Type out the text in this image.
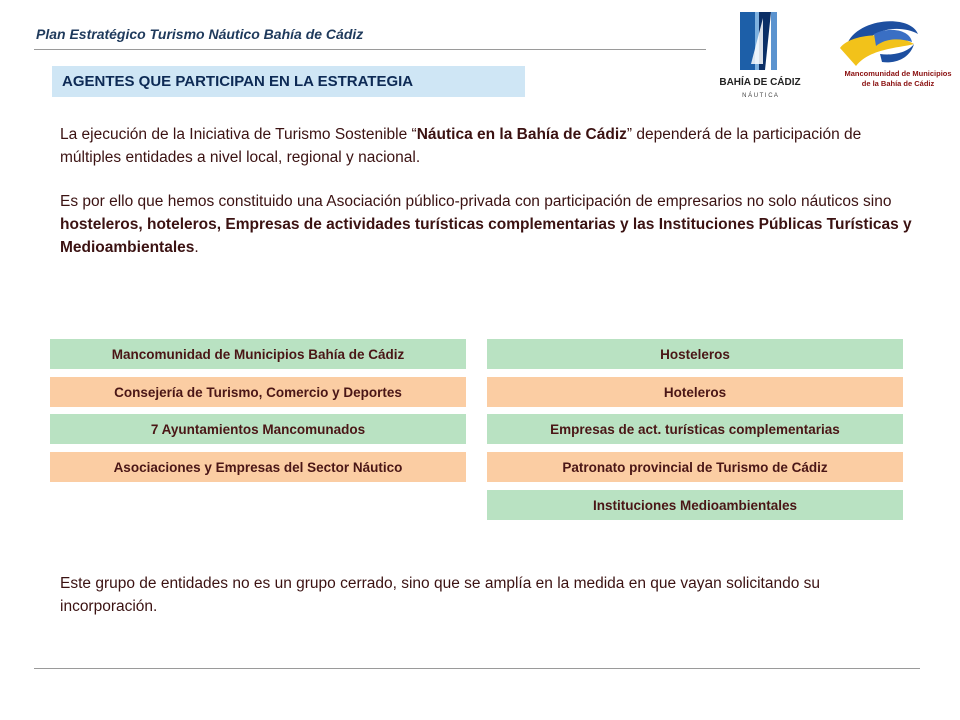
Plan Estratégico Turismo Náutico Bahía de Cádiz
BAHÍA DE CÁDIZ
N Á U T I C A
Mancomunidad de Municipios
de la Bahía de Cádiz
AGENTES QUE PARTICIPAN EN LA ESTRATEGIA
La ejecución de la Iniciativa de Turismo Sostenible “Náutica en la Bahía de Cádiz” dependerá de la participación de múltiples entidades a nivel local, regional y nacional.
Es por ello que hemos constituido una Asociación público-privada con participación de empresarios no solo náuticos sino hosteleros, hoteleros, Empresas de actividades turísticas complementarias y las Instituciones Públicas Turísticas y Medioambientales.
Mancomunidad de Municipios Bahía de Cádiz
Consejería de Turismo, Comercio y Deportes
7 Ayuntamientos Mancomunados
Asociaciones y Empresas del Sector Náutico
Hosteleros
Hoteleros
Empresas de act. turísticas complementarias
Patronato provincial de Turismo de Cádiz
Instituciones Medioambientales
Este grupo de entidades no es un grupo cerrado, sino que se amplía en la medida en que vayan solicitando su incorporación.
